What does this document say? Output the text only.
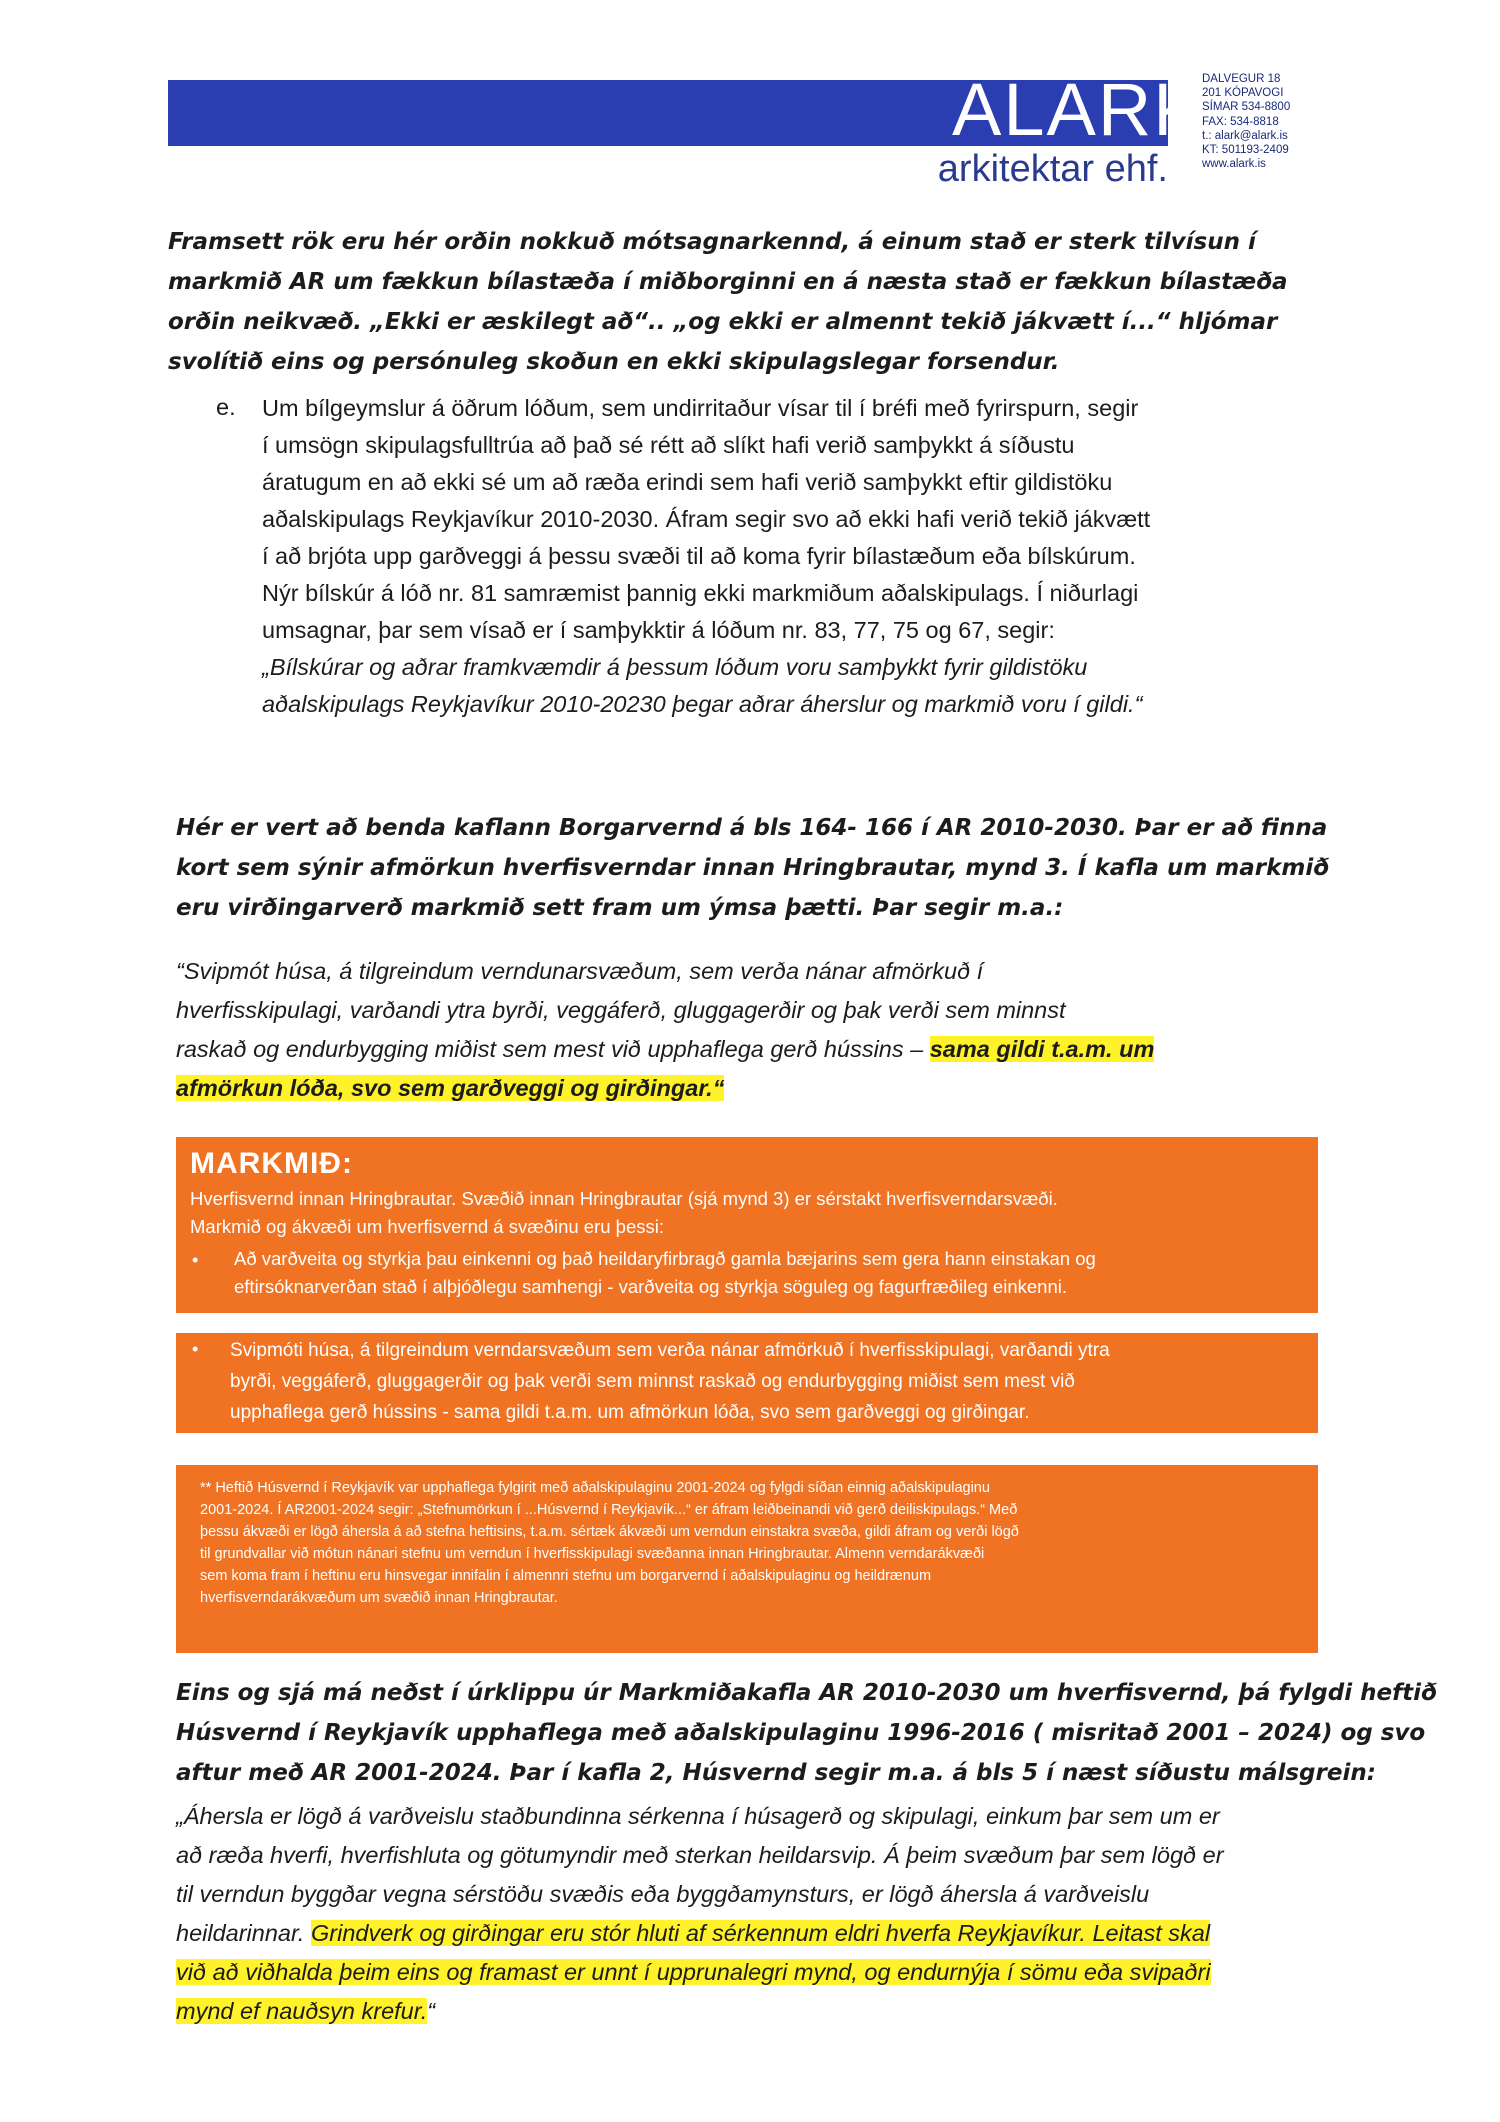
ALARK
arkitektar ehf.
DALVEGUR 18
201 KÓPAVOGI
SÍMAR 534-8800
FAX: 534-8818
t.: alark@alark.is
KT: 501193-2409
www.alark.is
Framsett rök eru hér orðin nokkuð mótsagnarkennd, á einum stað er sterk tilvísun í
markmið AR um fækkun bílastæða í miðborginni en á næsta stað er fækkun bílastæða
orðin neikvæð. „Ekki er æskilegt að“.. „og ekki er almennt tekið jákvætt í...“ hljómar
svolítið eins og persónuleg skoðun en ekki skipulagslegar forsendur.
e. Um bílgeymslur á öðrum lóðum, sem undirritaður vísar til í bréfi með fyrirspurn, segir
í umsögn skipulagsfulltrúa að það sé rétt að slíkt hafi verið samþykkt á síðustu
áratugum en að ekki sé um að ræða erindi sem hafi verið samþykkt eftir gildistöku
aðalskipulags Reykjavíkur 2010-2030. Áfram segir svo að ekki hafi verið tekið jákvætt
í að brjóta upp garðveggi á þessu svæði til að koma fyrir bílastæðum eða bílskúrum.
Nýr bílskúr á lóð nr. 81 samræmist þannig ekki markmiðum aðalskipulags. Í niðurlagi
umsagnar, þar sem vísað er í samþykktir á lóðum nr. 83, 77, 75 og 67, segir:
„Bílskúrar og aðrar framkvæmdir á þessum lóðum voru samþykkt fyrir gildistöku
aðalskipulags Reykjavíkur 2010-20230 þegar aðrar áherslur og markmið voru í gildi.“
Hér er vert að benda kaflann Borgarvernd á bls 164- 166 í AR 2010-2030. Þar er að finna
kort sem sýnir afmörkun hverfisverndar innan Hringbrautar, mynd 3. Í kafla um markmið
eru virðingarverð markmið sett fram um ýmsa þætti. Þar segir m.a.:
“Svipmót húsa, á tilgreindum verndunarsvæðum, sem verða nánar afmörkuð í
hverfisskipulagi, varðandi ytra byrði, veggáferð, gluggagerðir og þak verði sem minnst
raskað og endurbygging miðist sem mest við upphaflega gerð hússins – sama gildi t.a.m. um
afmörkun lóða, svo sem garðveggi og girðingar.“
MARKMIÐ:
Hverfisvernd innan Hringbrautar. Svæðið innan Hringbrautar (sjá mynd 3) er sérstakt hverfisverndarsvæði.
Markmið og ákvæði um hverfisvernd á svæðinu eru þessi:
• Að varðveita og styrkja þau einkenni og það heildaryfirbragð gamla bæjarins sem gera hann einstakan og
eftirsóknarverðan stað í alþjóðlegu samhengi - varðveita og styrkja söguleg og fagurfræðileg einkenni.
• Svipmóti húsa, á tilgreindum verndarsvæðum sem verða nánar afmörkuð í hverfisskipulagi, varðandi ytra
byrði, veggáferð, gluggagerðir og þak verði sem minnst raskað og endurbygging miðist sem mest við
upphaflega gerð hússins - sama gildi t.a.m. um afmörkun lóða, svo sem garðveggi og girðingar.
** Heftið Húsvernd í Reykjavík var upphaflega fylgirit með aðalskipulaginu 2001-2024 og fylgdi síðan einnig aðalskipulaginu
2001-2024. Í AR2001-2024 segir: „Stefnumörkun í ...Húsvernd í Reykjavík...“ er áfram leiðbeinandi við gerð deiliskipulags.“ Með
þessu ákvæði er lögð áhersla á að stefna heftisins, t.a.m. sértæk ákvæði um verndun einstakra svæða, gildi áfram og verði lögð
til grundvallar við mótun nánari stefnu um verndun í hverfisskipulagi svæðanna innan Hringbrautar. Almenn verndarákvæði
sem koma fram í heftinu eru hinsvegar innifalin í almennri stefnu um borgarvernd í aðalskipulaginu og heildrænum
hverfisverndarákvæðum um svæðið innan Hringbrautar.
Eins og sjá má neðst í úrklippu úr Markmiðakafla AR 2010-2030 um hverfisvernd, þá fylgdi heftið
Húsvernd í Reykjavík upphaflega með aðalskipulaginu 1996-2016 ( misritað 2001 – 2024) og svo
aftur með AR 2001-2024. Þar í kafla 2, Húsvernd segir m.a. á bls 5 í næst síðustu málsgrein:
„Áhersla er lögð á varðveislu staðbundinna sérkenna í húsagerð og skipulagi, einkum þar sem um er
að ræða hverfi, hverfishluta og götumyndir með sterkan heildarsvip. Á þeim svæðum þar sem lögð er
til verndun byggðar vegna sérstöðu svæðis eða byggðamynsturs, er lögð áhersla á varðveislu
heildarinnar. Grindverk og girðingar eru stór hluti af sérkennum eldri hverfa Reykjavíkur. Leitast skal
við að viðhalda þeim eins og framast er unnt í upprunalegri mynd, og endurnýja í sömu eða svipaðri
mynd ef nauðsyn krefur.“
